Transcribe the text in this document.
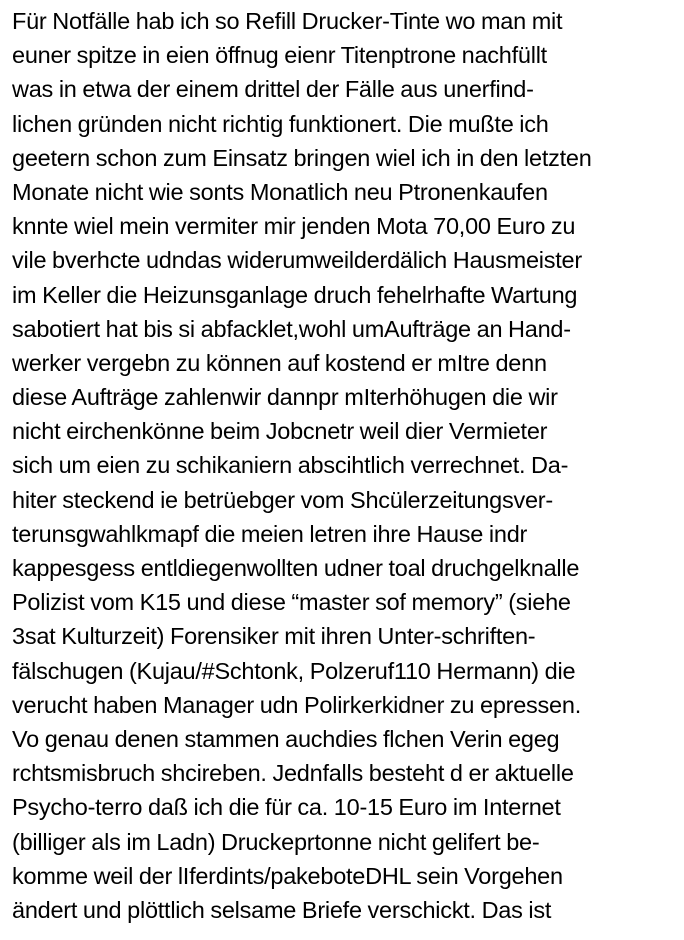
Für Notfälle hab ich so Refill Drucker-Tinte wo man mit
euner spitze in eien öffnug eienr Titenptrone nachfüllt
was in etwa der einem drittel der Fälle aus unerfind-
lichen gründen nicht richtig funktionert. Die mußte ich
geetern schon zum Einsatz bringen wiel ich in den letzten
Monate nicht wie sonts Monatlich neu Ptronenkaufen
knnte wiel mein vermiter mir jenden Mota 70,00 Euro zu
vile bverhcte udndas widerumweilderdälich Hausmeister
im Keller die Heizunsganlage druch fehelrhafte Wartung
sabotiert hat bis si abfacklet,wohl umAufträge an Hand-
werker vergebn zu können auf kostend er mItre denn
diese Aufträge zahlenwir dannpr mIterhöhugen die wir
nicht eirchenkönne beim Jobcnetr weil dier Vermieter
sich um eien zu schikaniern abscihtlich verrechnet. Da-
hiter steckend ie betrüebger vom Shcülerzeitungsver-
terunsgwahlkmapf die meien letren ihre Hause indr
kappesgess entldiegenwollten udner toal druchgelknalle
Polizist vom K15 und diese “master sof memory” (siehe
3sat Kulturzeit) Forensiker mit ihren Unter-schriften-
fälschugen (Kujau/#Schtonk, Polzeruf110 Hermann) die
verucht haben Manager udn Polirkerkidner zu epressen.
Vo genau denen stammen auchdies flchen Verin egeg
rchtsmisbruch shcireben. Jednfalls besteht d er aktuelle
Psycho-terro daß ich die für ca. 10-15 Euro im Internet
(billiger als im Ladn) Druckeprtonne nicht gelifert be-
komme weil der lIferdints/pakeboteDHL sein Vorgehen
ändert und plöttlich selsame Briefe verschickt. Das ist
